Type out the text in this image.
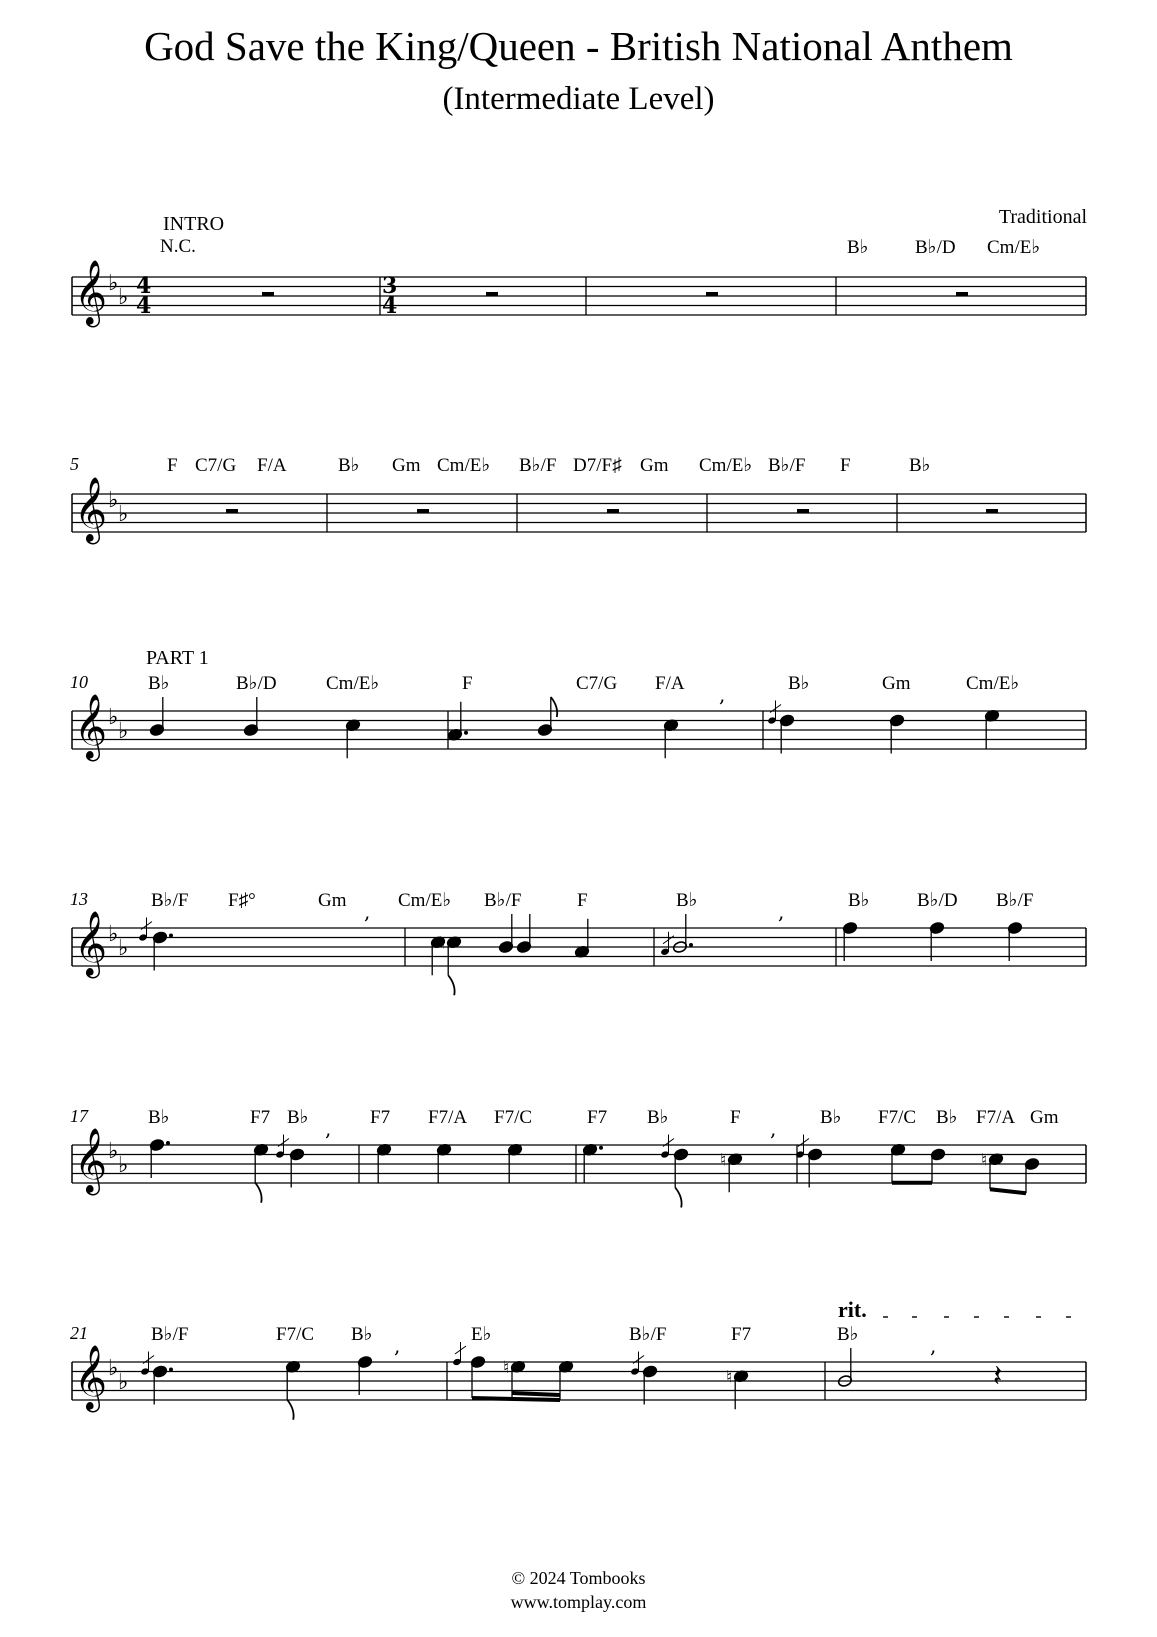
God Save the King/Queen - British National Anthem
(Intermediate Level)
Traditional
𝄞 ♭
♭
𝄞 ♭
♭
𝄞 ♭
♭
𝄞 ♭
♭
𝄞 ♭
♭
𝄞 ♭
♭
,
,	,
,
♮	♮
,
,
♮	♮
,
𝄽
INTRO
N.C.
PART 1
rit.
5
10
13
17
21
4
4
3
4
B♭ B♭/D Cm/E♭
F C7/G F/A	B♭ Gm Cm/E♭ B♭/F D7/F♯ Gm Cm/E♭ B♭/F F	B♭
B♭	B♭/D	Cm/E♭	F	C7/G F/A	B♭	Gm	Cm/E♭
B♭/F F♯°	Gm	Cm/E♭ B♭/F	F	B♭	B♭ B♭/D B♭/F
B♭	F7 B♭	F7 F7/A F7/C	F7 B♭	F	B♭ F7/C B♭ F7/A Gm
B♭/F	F7/C B♭	E♭	B♭/F	F7	B♭
© 2024 Tombooks
www.tomplay.com
